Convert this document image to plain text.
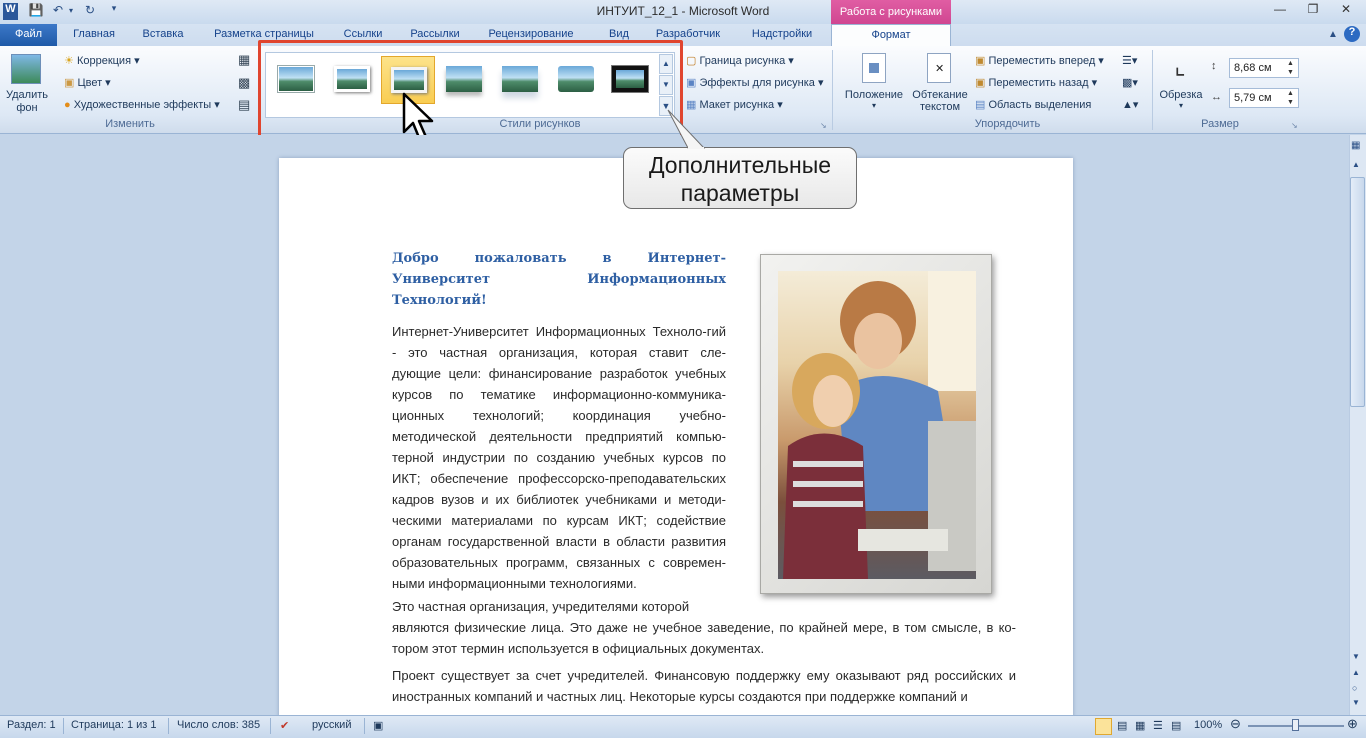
ИНТУИТ_12_1 - Microsoft Word
W 💾 ↶ ▾ ↻	▾	Работа с рисунками	—	❐	✕
Файл	Главная	Вставка	Разметка страницы	Ссылки	Рассылки	Рецензирование	Вид	Разработчик	Надстройки	Формат	▲ ?
Удалить
фон
☀ Коррекция ▾
▣ Цвет ▾
● Художественные эффекты ▾
▦
▩
▤
Изменить
▲
▼
▼
Стили рисунков
▢ Граница рисунка ▾
▣ Эффекты для рисунка ▾
▦ Макет рисунка ▾
↘
Положение
▾
✕
Обтекание
текстом
▣ Переместить вперед ▾
▣ Переместить назад ▾
▤ Область выделения
☰▾
▩▾
▲▾
Упорядочить
⌞
Обрезка
▾
↕	8,68 см	▲
▼
↔	5,79 см	▲
▼
Размер	↘
Добро пожаловать в Интернет-Университет Информационных Технологий!
Интернет-Университет Информационных Техноло-гий - это частная организация, которая ставит сле-дующие цели: финансирование разработок учебных курсов по тематике информационно-коммуника-ционных технологий; координация учебно-методической деятельности предприятий компью-терной индустрии по созданию учебных курсов по ИКТ; обеспечение профессорско-преподавательских кадров вузов и их библиотек учебниками и методи-ческими материалами по курсам ИКТ; содействие органам государственной власти в области развития образовательных программ, связанных с современ-ными информационными технологиями.
Это частная организация, учредителями которой
являются физические лица. Это даже не учебное заведение, по крайней мере, в том смысле, в ко-тором этот термин используется в официальных документах.
Проект существует за счет учредителей. Финансовую поддержку ему оказывают ряд российских и иностранных компаний и частных лиц. Некоторые курсы создаются при поддержке компаний и
Дополнительные
параметры
▦
▲
▼
▲
○
▼
Раздел: 1 Страница: 1 из 1 Число слов: 385 ✔ русский ▣	▤ ▦ ☰ ▤ 100% ⊖	⊕
